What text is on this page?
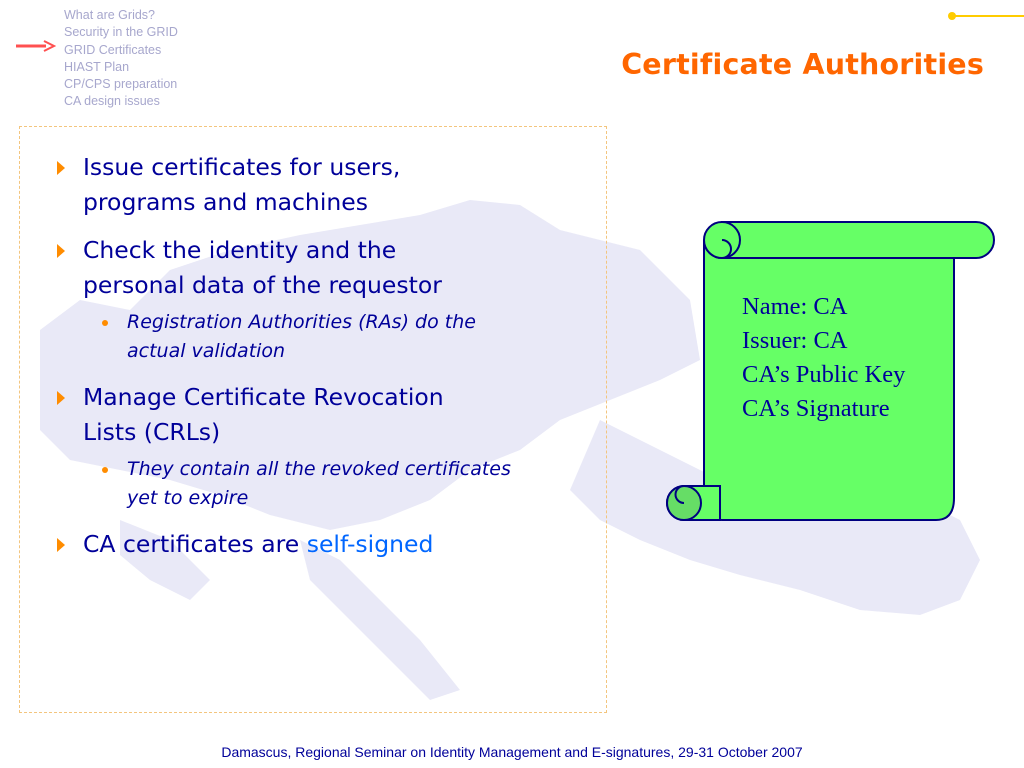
What are Grids?
Security in the GRID
GRID Certificates
HIAST Plan
CP/CPS preparation
CA design issues
Certificate Authorities
Issue certificates for users,
programs and machines
Check the identity and the
personal data of the requestor
Registration Authorities (RAs) do the
actual validation
Manage Certificate Revocation
Lists (CRLs)
They contain all the revoked certificates
yet to expire
CA certificates are self-signed
Name: CA
Issuer: CA
CA’s Public Key
CA’s Signature
Damascus, Regional Seminar on Identity Management and E-signatures, 29-31 October 2007
